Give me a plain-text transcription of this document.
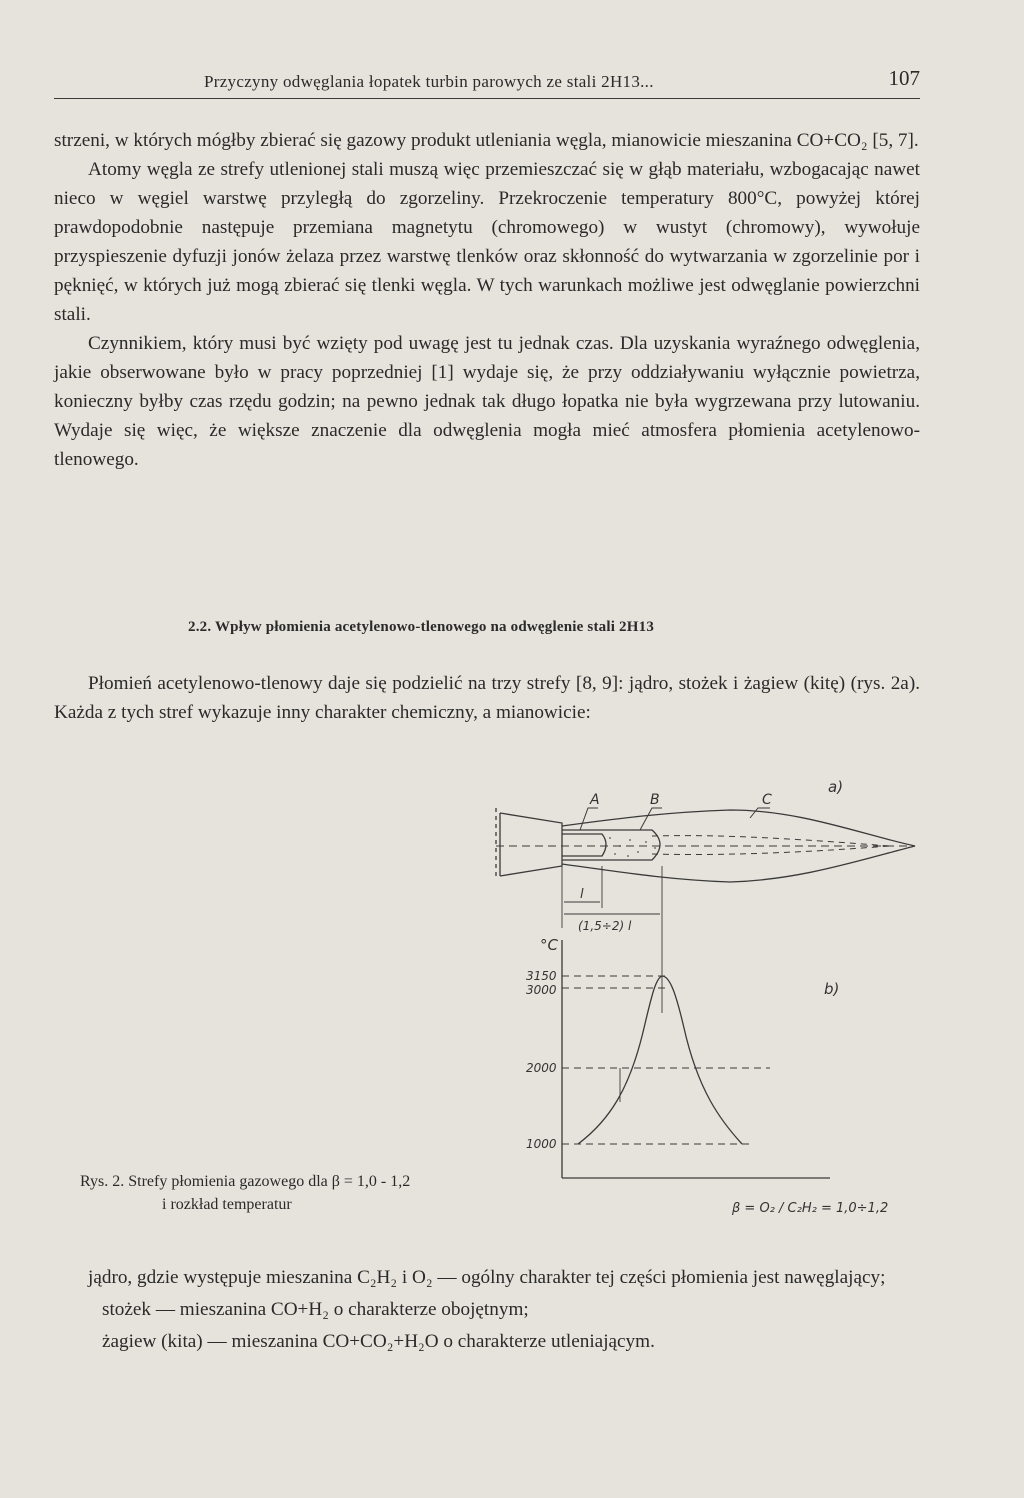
Przyczyny odwęglania łopatek turbin parowych ze stali 2H13...	107

strzeni, w których mógłby zbierać się gazowy produkt utleniania węgla, mianowicie mieszanina CO+CO₂ [5, 7].

Atomy węgla ze strefy utlenionej stali muszą więc przemieszczać się w głąb materiału, wzbogacając nawet nieco w węgiel warstwę przyległą do zgorzeliny. Przekroczenie temperatury 800°C, powyżej której prawdopodobnie następuje przemiana magnetytu (chromowego) w wustyt (chromowy), wywołuje przyspieszenie dyfuzji jonów żelaza przez warstwę tlenków oraz skłonność do wytwarzania w zgorzelinie por i pęknięć, w których już mogą zbierać się tlenki węgla. W tych warunkach możliwe jest odwęglanie powierzchni stali.

Czynnikiem, który musi być wzięty pod uwagę jest tu jednak czas. Dla uzyskania wyraźnego odwęglenia, jakie obserwowane było w pracy poprzedniej [1] wydaje się, że przy oddziaływaniu wyłącznie powietrza, konieczny byłby czas rzędu godzin; na pewno jednak tak długo łopatka nie była wygrzewana przy lutowaniu. Wydaje się więc, że większe znaczenie dla odwęglenia mogła mieć atmosfera płomienia acetylenowo-tlenowego.

2.2. Wpływ płomienia acetylenowo-tlenowego na odwęglenie stali 2H13

Płomień acetylenowo-tlenowy daje się podzielić na trzy strefy [8, 9]: jądro, stożek i żagiew (kitę) (rys. 2a). Każda z tych stref wykazuje inny charakter chemiczny, a mianowicie:

a)
A	B	C
l
(1,5÷2) l
°C
b)
3150
3000
2000
1000
β = O₂ / C₂H₂ = 1,0÷1,2
Rys. 2. Strefy płomienia gazowego dla β = 1,0 - 1,2
i rozkład temperatur

jądro, gdzie występuje mieszanina C₂H₂ i O₂ — ogólny charakter tej części płomienia jest nawęglający;

stożek — mieszanina CO+H₂ o charakterze obojętnym;

żagiew (kita) — mieszanina CO+CO₂+H₂O o charakterze utleniającym.
